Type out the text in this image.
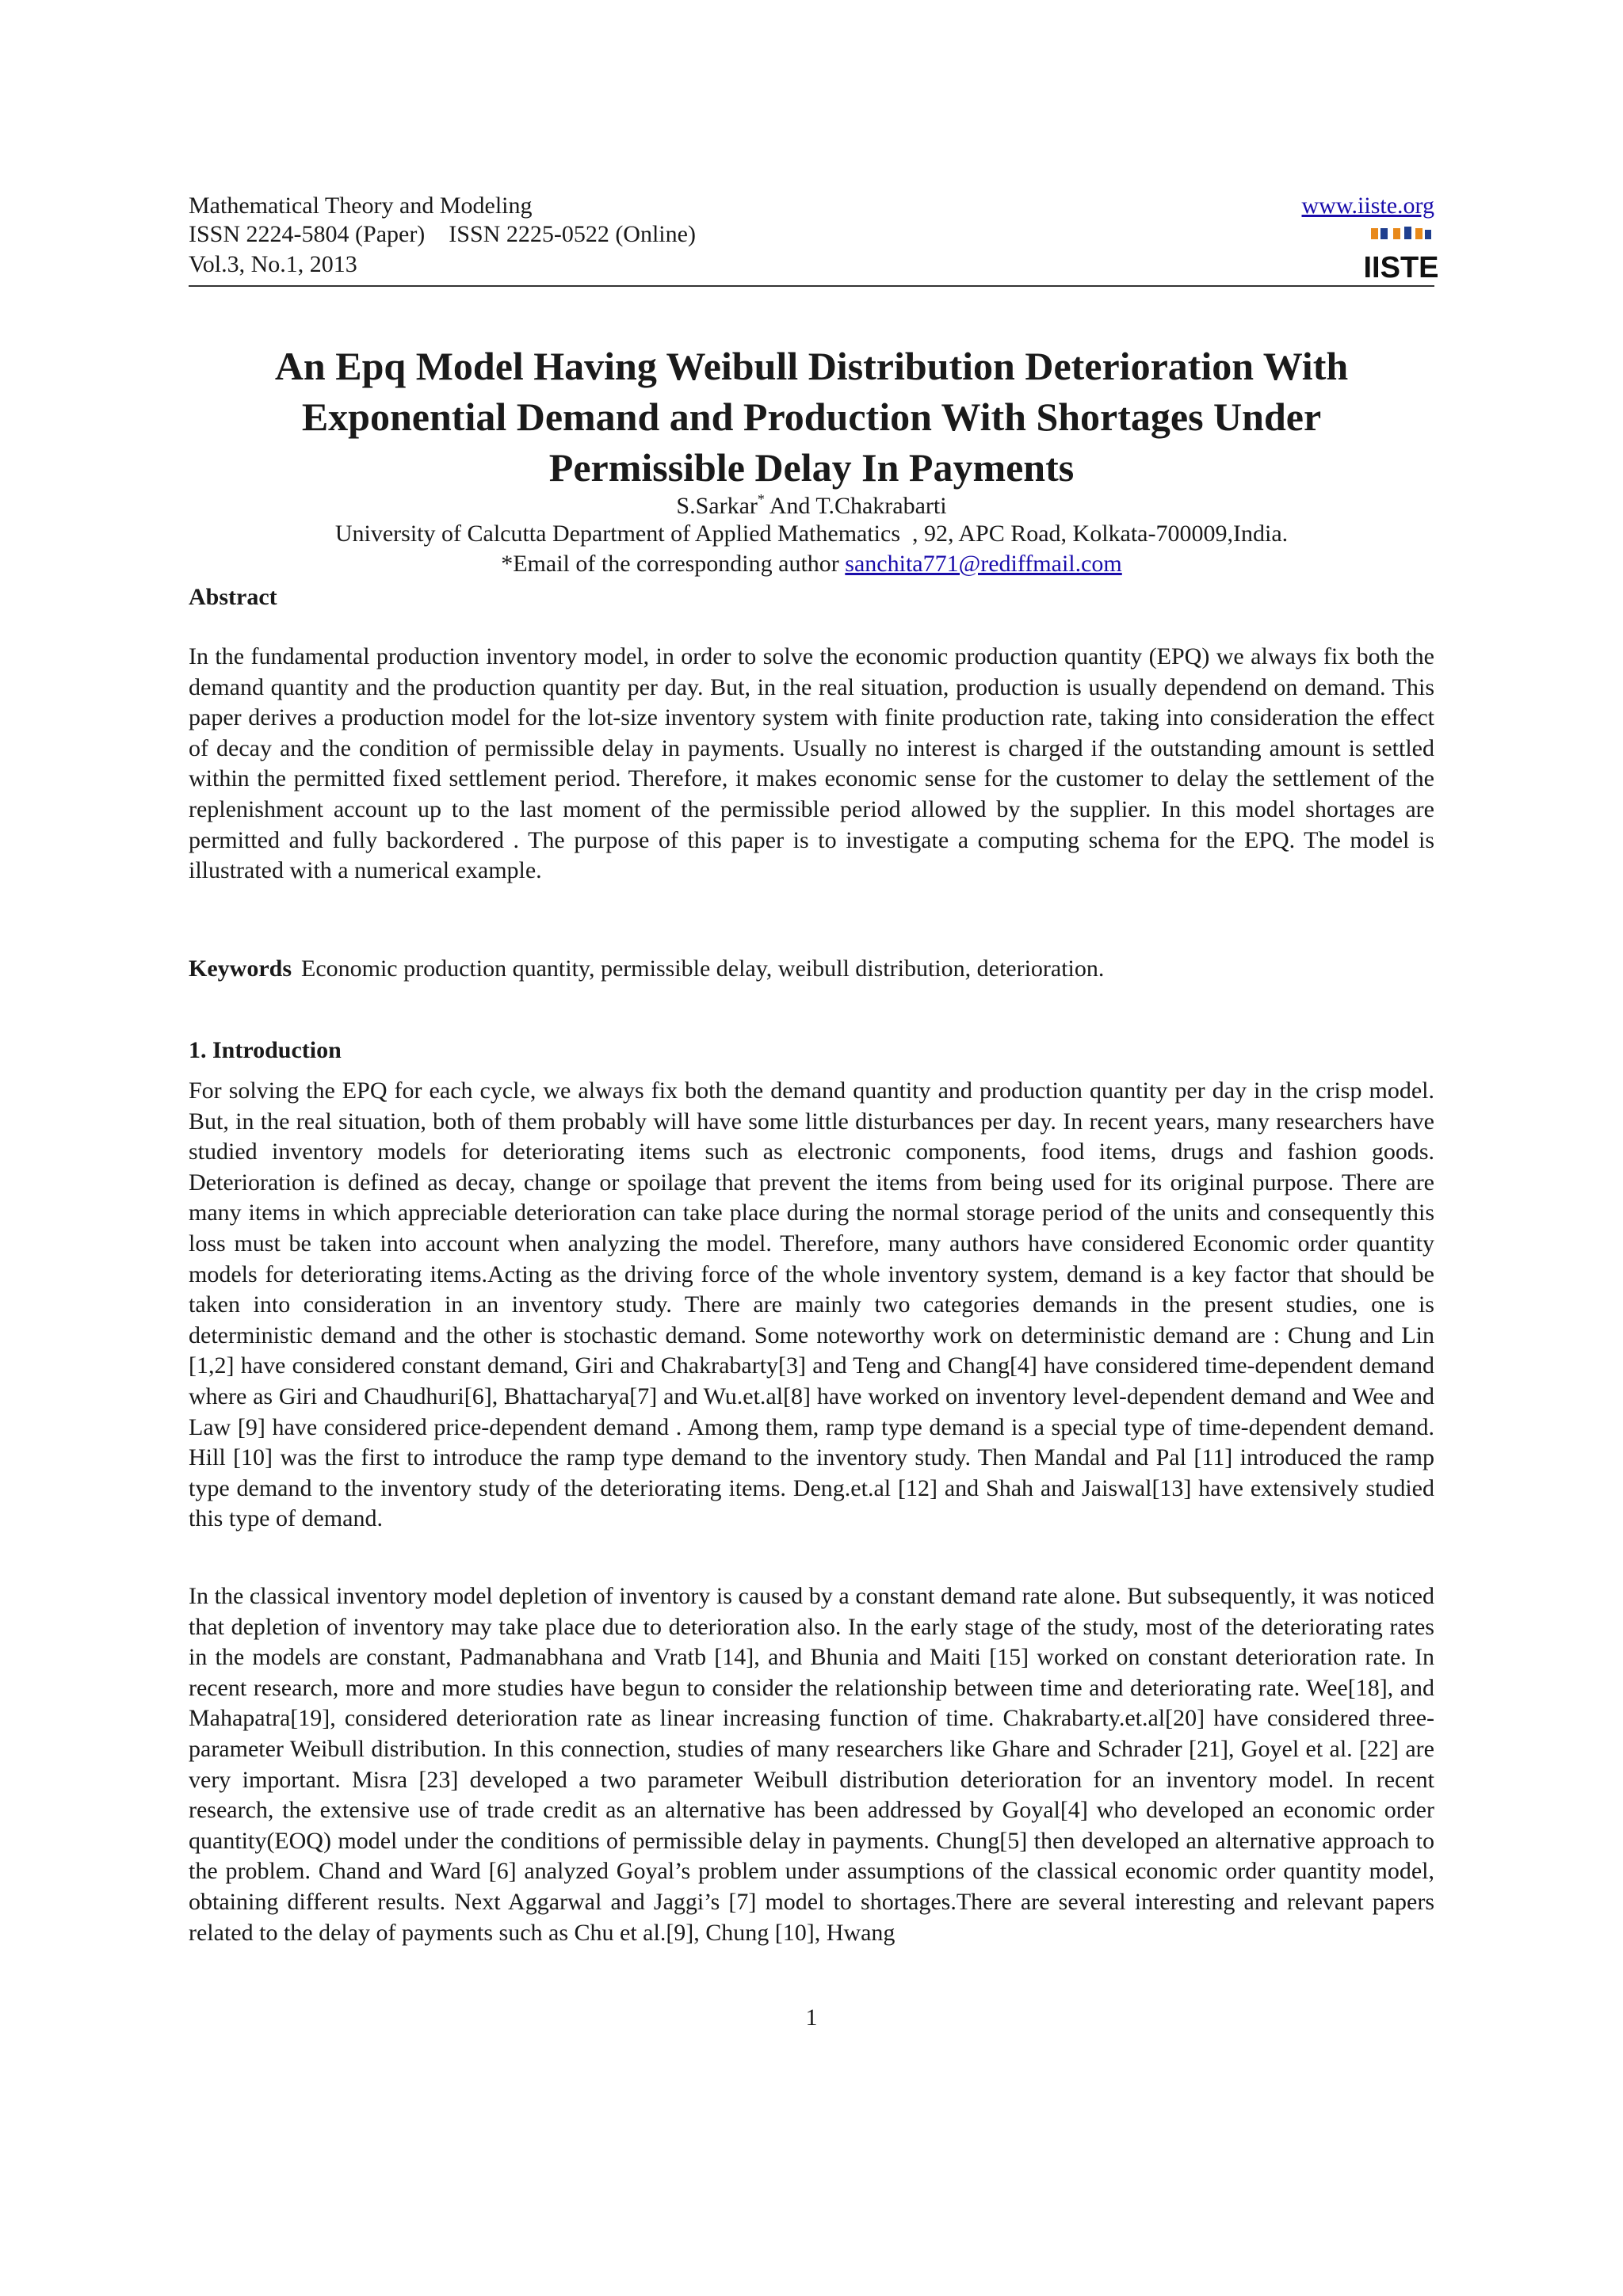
Mathematical Theory and Modeling
ISSN 2224-5804 (Paper)    ISSN 2225-0522 (Online)
Vol.3, No.1, 2013
www.iiste.org
IISTE
An Epq Model Having Weibull Distribution Deterioration With
Exponential Demand and Production With Shortages Under
Permissible Delay In Payments
S.Sarkar* And T.Chakrabarti
University of Calcutta Department of Applied Mathematics  , 92, APC Road, Kolkata-700009,India.
*Email of the corresponding author sanchita771@rediffmail.com
Abstract
In the fundamental production inventory model, in order to solve the economic production quantity (EPQ) we always fix both the demand quantity and the production quantity per day. But, in the real situation, production is usually dependend on demand. This paper derives a production model for the lot-size inventory system with finite production rate, taking into consideration the effect of decay and the condition of permissible delay in payments. Usually no interest is charged if the outstanding amount is settled within the permitted fixed settlement period. Therefore, it makes economic sense for the customer to delay the settlement of the replenishment account up to the last moment of the permissible period allowed by the supplier. In this model shortages are permitted and fully backordered . The purpose of this paper is to investigate a computing schema for the EPQ. The model is illustrated with a numerical example.
Keywords Economic production quantity, permissible delay, weibull distribution, deterioration.
1. Introduction
For solving the EPQ for each cycle, we always fix both the demand quantity and production quantity per day in the crisp model. But, in the real situation, both of them probably will have some little disturbances per day. In recent years, many researchers have studied inventory models for deteriorating items such as electronic components, food items, drugs and fashion goods. Deterioration is defined as decay, change or spoilage that prevent the items from being used for its original purpose. There are many items in which appreciable deterioration can take place during the normal storage period of the units and consequently this loss must be taken into account when analyzing the model. Therefore, many authors have considered Economic order quantity models for deteriorating items.Acting as the driving force of the whole inventory system, demand is a key factor that should be taken into consideration in an inventory study. There are mainly two categories demands in the present studies, one is deterministic demand and the other is stochastic demand. Some noteworthy work on deterministic demand are : Chung and Lin [1,2] have considered constant demand, Giri and Chakrabarty[3] and Teng and Chang[4] have considered time-dependent demand where as Giri and Chaudhuri[6], Bhattacharya[7] and Wu.et.al[8] have worked on inventory level-dependent demand and Wee and Law [9] have considered price-dependent demand . Among them, ramp type demand is a special type of time-dependent demand. Hill [10] was the first to introduce the ramp type demand to the inventory study. Then Mandal and Pal [11] introduced the ramp type demand to the inventory study of the deteriorating items. Deng.et.al [12] and Shah and Jaiswal[13] have extensively studied this type of demand.
In the classical inventory model depletion of inventory is caused by a constant demand rate alone. But subsequently, it was noticed that depletion of inventory may take place due to deterioration also. In the early stage of the study, most of the deteriorating rates in the models are constant, Padmanabhana and Vratb [14], and Bhunia and Maiti [15] worked on constant deterioration rate. In recent research, more and more studies have begun to consider the relationship between time and deteriorating rate. Wee[18], and Mahapatra[19], considered deterioration rate as linear increasing function of time. Chakrabarty.et.al[20] have considered three-parameter Weibull distribution. In this connection, studies of many researchers like Ghare and Schrader [21], Goyel et al. [22] are very important. Misra [23] developed a two parameter Weibull distribution deterioration for an inventory model. In recent research, the extensive use of trade credit as an alternative has been addressed by Goyal[4] who developed an economic order quantity(EOQ) model under the conditions of permissible delay in payments. Chung[5] then developed an alternative approach to the problem. Chand and Ward [6] analyzed Goyal’s problem under assumptions of the classical economic order quantity model, obtaining different results. Next Aggarwal and Jaggi’s [7] model to shortages.There are several interesting and relevant papers related to the delay of payments such as Chu et al.[9], Chung [10], Hwang
1
